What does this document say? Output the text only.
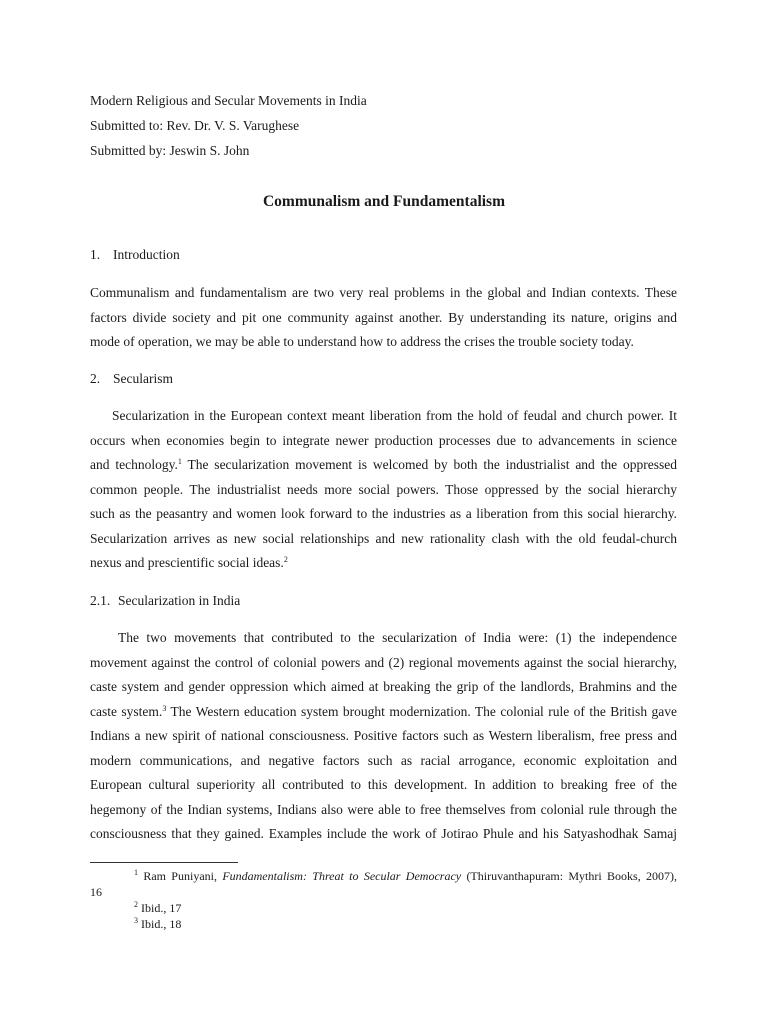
Modern Religious and Secular Movements in India
Submitted to: Rev. Dr. V. S. Varughese
Submitted by: Jeswin S. John
Communalism and Fundamentalism
1. Introduction
Communalism and fundamentalism are two very real problems in the global and Indian contexts. These
factors divide society and pit one community against another. By understanding its nature, origins and
mode of operation, we may be able to understand how to address the crises the trouble society today.
2. Secularism
Secularization in the European context meant liberation from the hold of feudal and church power. It
occurs when economies begin to integrate newer production processes due to advancements in science
and technology.$^1$ The secularization movement is welcomed by both the industrialist and the oppressed
common people. The industrialist needs more social powers. Those oppressed by the social hierarchy
such as the peasantry and women look forward to the industries as a liberation from this social hierarchy.
Secularization arrives as new social relationships and new rationality clash with the old feudal-church
nexus and prescientific social ideas.$^2$
2.1. Secularization in India
The two movements that contributed to the secularization of India were: (1) the independence
movement against the control of colonial powers and (2) regional movements against the social hierarchy,
caste system and gender oppression which aimed at breaking the grip of the landlords, Brahmins and the
caste system.$^3$ The Western education system brought modernization. The colonial rule of the British gave
Indians a new spirit of national consciousness. Positive factors such as Western liberalism, free press and
modern communications, and negative factors such as racial arrogance, economic exploitation and
European cultural superiority all contributed to this development. In addition to breaking free of the
hegemony of the Indian systems, Indians also were able to free themselves from colonial rule through the
consciousness that they gained. Examples include the work of Jotirao Phule and his Satyashodhak Samaj
$^1$ Ram Puniyani, Fundamentalism: Threat to Secular Democracy (Thiruvanthapuram: Mythri Books, 2007),
16
$^2$ Ibid., 17
$^3$ Ibid., 18
